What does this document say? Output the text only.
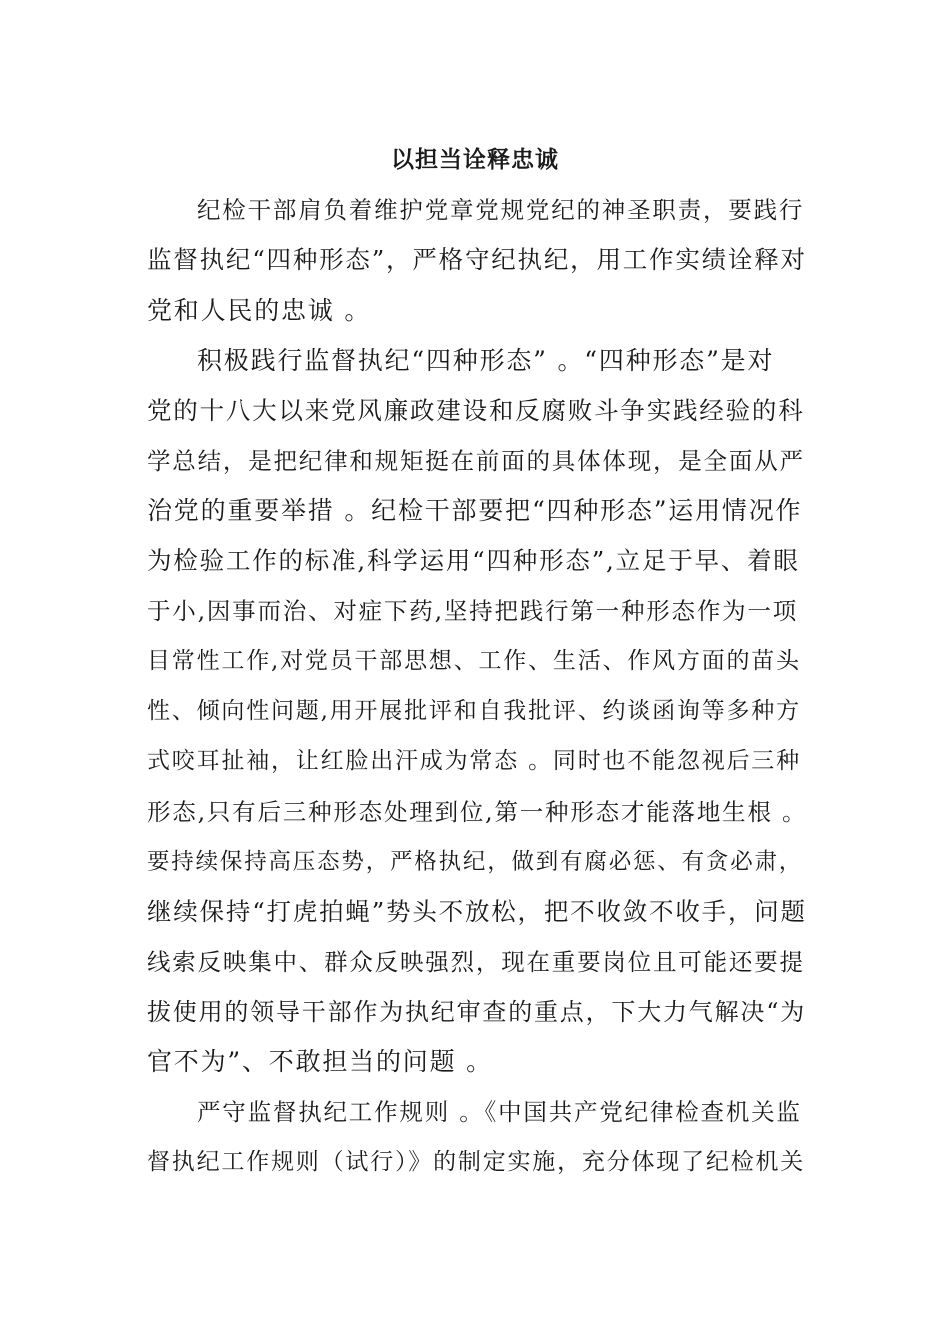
以担当诠释忠诚
纪检干部肩负着维护党章党规党纪的神圣职责，要践行
监督执纪“四种形态”，严格守纪执纪，用工作实绩诠释对
党和人民的忠诚 。
积极践行监督执纪“四种形态” 。“四种形态”是对
党的十八大以来党风廉政建设和反腐败斗争实践经验的科
学总结，是把纪律和规矩挺在前面的具体体现，是全面从严
治党的重要举措 。纪检干部要把“四种形态”运用情况作
为检验工作的标准,科学运用“四种形态”,立足于早、着眼
于小,因事而治、对症下药,坚持把践行第一种形态作为一项
目常性工作,对党员干部思想、工作、生活、作风方面的苗头
性、倾向性问题,用开展批评和自我批评、约谈函询等多种方
式咬耳扯袖，让红脸出汗成为常态 。同时也不能忽视后三种
形态,只有后三种形态处理到位,第一种形态才能落地生根 。
要持续保持高压态势，严格执纪，做到有腐必惩、有贪必肃，
继续保持“打虎拍蝇”势头不放松，把不收敛不收手，问题
线索反映集中、群众反映强烈，现在重要岗位且可能还要提
拔使用的领导干部作为执纪审查的重点，下大力气解决“为
官不为”、不敢担当的问题 。
严守监督执纪工作规则 。《中国共产党纪律检查机关监
督执纪工作规则（试行）》的制定实施，充分体现了纪检机关
